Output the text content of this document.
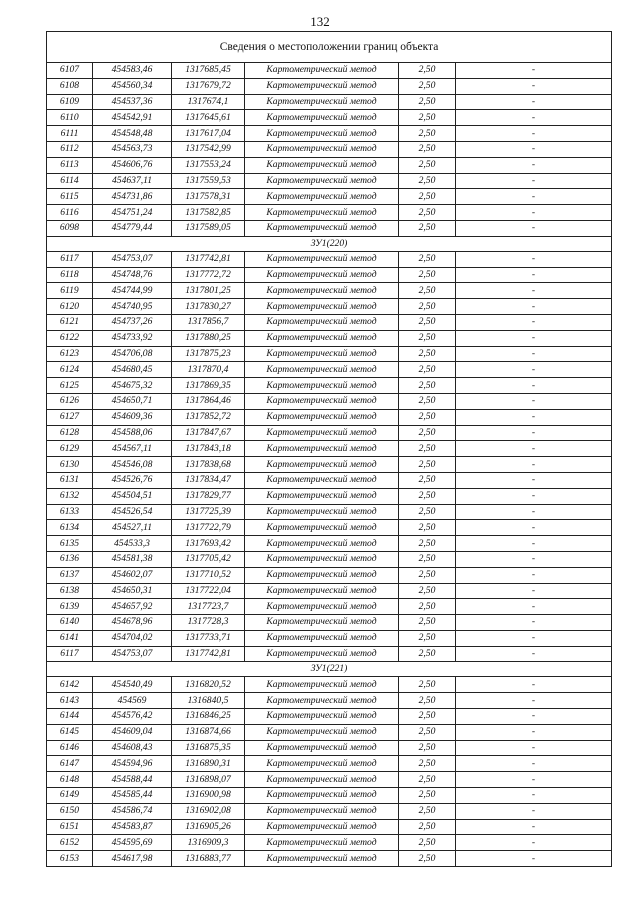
132
Сведения о местоположении границ объекта					
6107	454583,46	1317685,45	Картометрический метод	2,50	-
6108	454560,34	1317679,72	Картометрический метод	2,50	-
6109	454537,36	1317674,1	Картометрический метод	2,50	-
6110	454542,91	1317645,61	Картометрический метод	2,50	-
6111	454548,48	1317617,04	Картометрический метод	2,50	-
6112	454563,73	1317542,99	Картометрический метод	2,50	-
6113	454606,76	1317553,24	Картометрический метод	2,50	-
6114	454637,11	1317559,53	Картометрический метод	2,50	-
6115	454731,86	1317578,31	Картометрический метод	2,50	-
6116	454751,24	1317582,85	Картометрический метод	2,50	-
6098	454779,44	1317589,05	Картометрический метод	2,50	-
ЗУ1(220)					
6117	454753,07	1317742,81	Картометрический метод	2,50	-
6118	454748,76	1317772,72	Картометрический метод	2,50	-
6119	454744,99	1317801,25	Картометрический метод	2,50	-
6120	454740,95	1317830,27	Картометрический метод	2,50	-
6121	454737,26	1317856,7	Картометрический метод	2,50	-
6122	454733,92	1317880,25	Картометрический метод	2,50	-
6123	454706,08	1317875,23	Картометрический метод	2,50	-
6124	454680,45	1317870,4	Картометрический метод	2,50	-
6125	454675,32	1317869,35	Картометрический метод	2,50	-
6126	454650,71	1317864,46	Картометрический метод	2,50	-
6127	454609,36	1317852,72	Картометрический метод	2,50	-
6128	454588,06	1317847,67	Картометрический метод	2,50	-
6129	454567,11	1317843,18	Картометрический метод	2,50	-
6130	454546,08	1317838,68	Картометрический метод	2,50	-
6131	454526,76	1317834,47	Картометрический метод	2,50	-
6132	454504,51	1317829,77	Картометрический метод	2,50	-
6133	454526,54	1317725,39	Картометрический метод	2,50	-
6134	454527,11	1317722,79	Картометрический метод	2,50	-
6135	454533,3	1317693,42	Картометрический метод	2,50	-
6136	454581,38	1317705,42	Картометрический метод	2,50	-
6137	454602,07	1317710,52	Картометрический метод	2,50	-
6138	454650,31	1317722,04	Картометрический метод	2,50	-
6139	454657,92	1317723,7	Картометрический метод	2,50	-
6140	454678,96	1317728,3	Картометрический метод	2,50	-
6141	454704,02	1317733,71	Картометрический метод	2,50	-
6117	454753,07	1317742,81	Картометрический метод	2,50	-
ЗУ1(221)					
6142	454540,49	1316820,52	Картометрический метод	2,50	-
6143	454569	1316840,5	Картометрический метод	2,50	-
6144	454576,42	1316846,25	Картометрический метод	2,50	-
6145	454609,04	1316874,66	Картометрический метод	2,50	-
6146	454608,43	1316875,35	Картометрический метод	2,50	-
6147	454594,96	1316890,31	Картометрический метод	2,50	-
6148	454588,44	1316898,07	Картометрический метод	2,50	-
6149	454585,44	1316900,98	Картометрический метод	2,50	-
6150	454586,74	1316902,08	Картометрический метод	2,50	-
6151	454583,87	1316905,26	Картометрический метод	2,50	-
6152	454595,69	1316909,3	Картометрический метод	2,50	-
6153	454617,98	1316883,77	Картометрический метод	2,50	-
